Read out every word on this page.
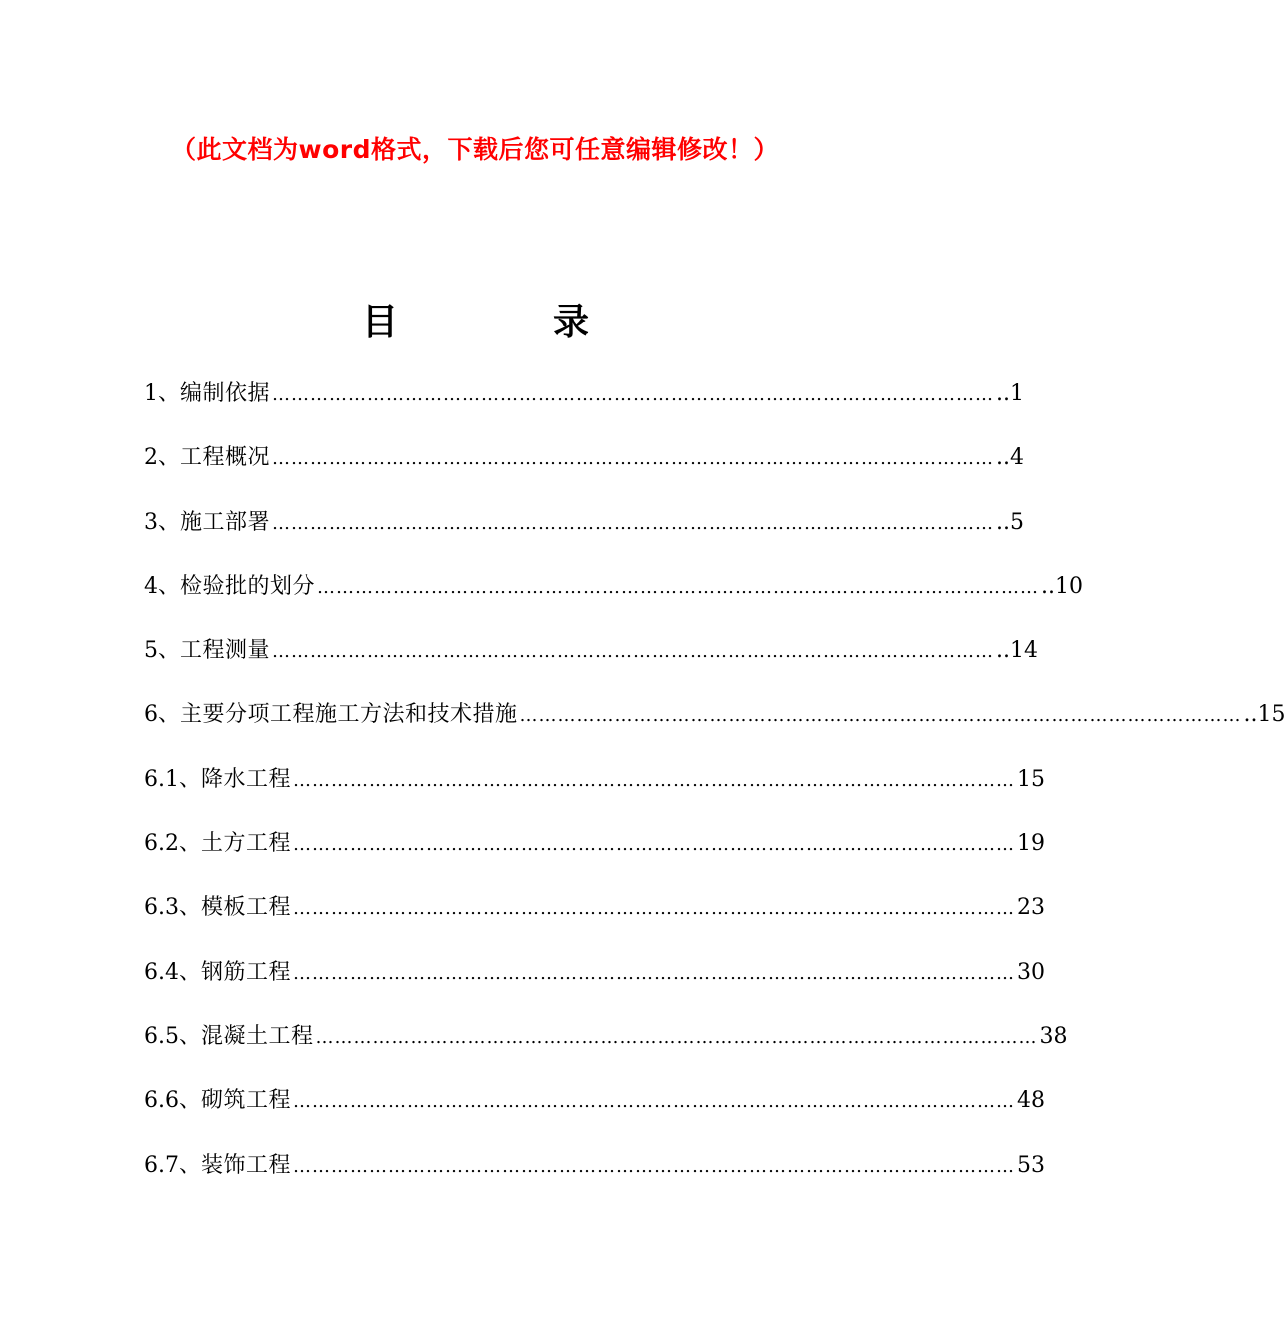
（此文档为word格式，下载后您可任意编辑修改！）
目	录
1、 编制依据 …………………………………………………………………………………………………… ..1
2、 工程概况 …………………………………………………………………………………………………… ..4
3、 施工部署 …………………………………………………………………………………………………… ..5
4、 检验批的划分 …………………………………………………………………………………………………… ..10
5、 工程测量 …………………………………………………………………………………………………… ..14
6、 主要分项工程施工方法和技术措施 …………………………………………………………………………………………………… ..15
6.1、 降水工程 …………………………………………………………………………………………………… 15
6.2、 土方工程 …………………………………………………………………………………………………… 19
6.3、 模板工程 …………………………………………………………………………………………………… 23
6.4、 钢筋工程 …………………………………………………………………………………………………… 30
6.5、 混凝土工程 …………………………………………………………………………………………………… 38
6.6、 砌筑工程 …………………………………………………………………………………………………… 48
6.7、 装饰工程 …………………………………………………………………………………………………… 53
